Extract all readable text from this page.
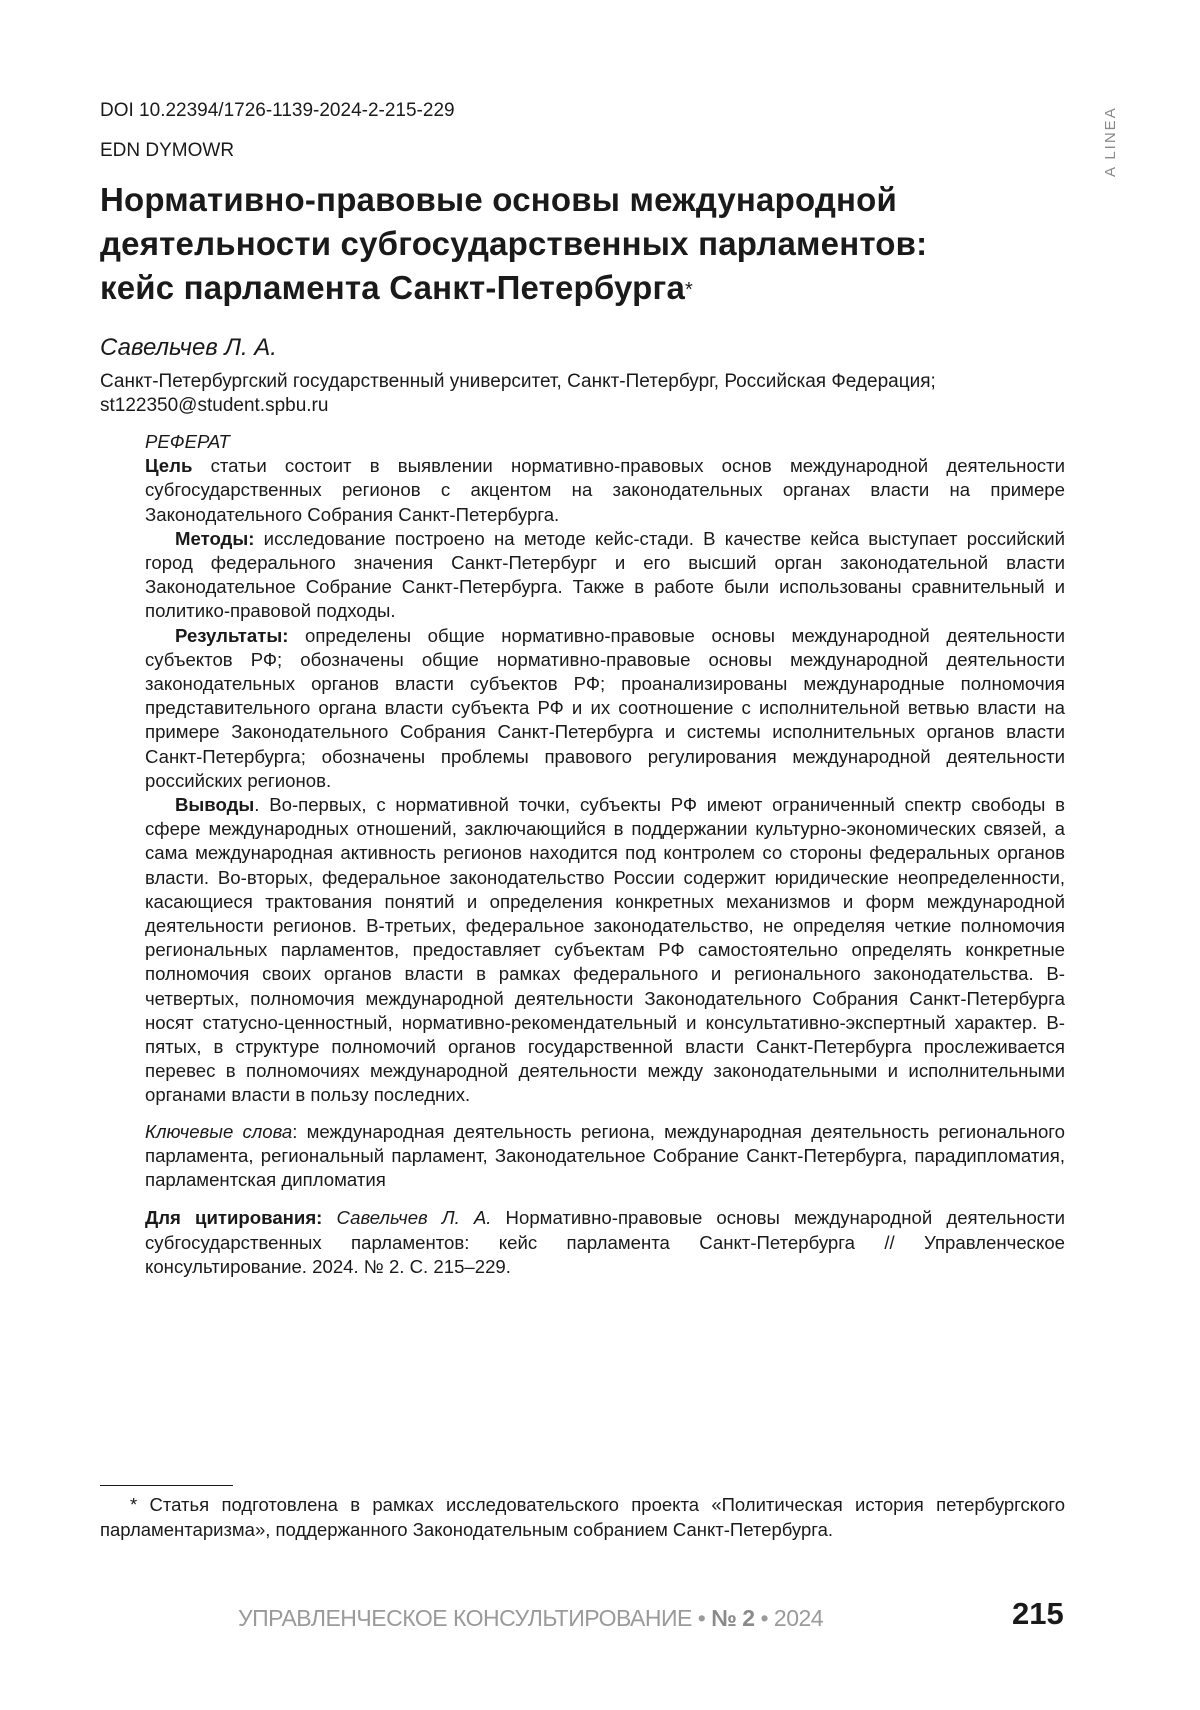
A LINEA
DOI 10.22394/1726-1139-2024-2-215-229
EDN DYMOWR
Нормативно-правовые основы международной
деятельности субгосударственных парламентов:
кейс парламента Санкт-Петербурга*
Савельчев Л. А.
Санкт-Петербургский государственный университет, Санкт-Петербург, Российская Федерация;
st122350@student.spbu.ru

РЕФЕРАТ

Цель статьи состоит в выявлении нормативно-правовых основ международной деятельности субгосударственных регионов с акцентом на законодательных органах власти на примере Законодательного Собрания Санкт-Петербурга.

Методы: исследование построено на методе кейс-стади. В качестве кейса выступает российский город федерального значения Санкт-Петербург и его высший орган законодательной власти Законодательное Собрание Санкт-Петербурга. Также в работе были использованы сравнительный и политико-правовой подходы.

Результаты: определены общие нормативно-правовые основы международной деятельности субъектов РФ; обозначены общие нормативно-правовые основы международной деятельности законодательных органов власти субъектов РФ; проанализированы международные полномочия представительного органа власти субъекта РФ и их соотношение с исполнительной ветвью власти на примере Законодательного Собрания Санкт-Петербурга и системы исполнительных органов власти Санкт-Петербурга; обозначены проблемы правового регулирования международной деятельности российских регионов.

Выводы. Во-первых, с нормативной точки, субъекты РФ имеют ограниченный спектр свободы в сфере международных отношений, заключающийся в поддержании культурно-экономических связей, а сама международная активность регионов находится под контролем со стороны федеральных органов власти. Во-вторых, федеральное законодательство России содержит юридические неопределенности, касающиеся трактования понятий и определения конкретных механизмов и форм международной деятельности регионов. В-третьих, федеральное законодательство, не определяя четкие полномочия региональных парламентов, предоставляет субъектам РФ самостоятельно определять конкретные полномочия своих органов власти в рамках федерального и регионального законодательства. В-четвертых, полномочия международной деятельности Законодательного Собрания Санкт-Петербурга носят статусно-ценностный, нормативно-рекомендательный и консультативно-экспертный характер. В-пятых, в структуре полномочий органов государственной власти Санкт-Петербурга прослеживается перевес в полномочиях международной деятельности между законодательными и исполнительными органами власти в пользу последних.

Ключевые слова: международная деятельность региона, международная деятельность регионального парламента, региональный парламент, Законодательное Собрание Санкт-Петербурга, парадипломатия, парламентская дипломатия

Для цитирования: Савельчев Л. А. Нормативно-правовые основы международной деятельности субгосударственных парламентов: кейс парламента Санкт-Петербурга // Управленческое консультирование. 2024. № 2. С. 215–229.

* Статья подготовлена в рамках исследовательского проекта «Политическая история петербургского парламентаризма», поддержанного Законодательным собранием Санкт-Петербурга.
УПРАВЛЕНЧЕСКОЕ КОНСУЛЬТИРОВАНИЕ • № 2 • 2024	215
